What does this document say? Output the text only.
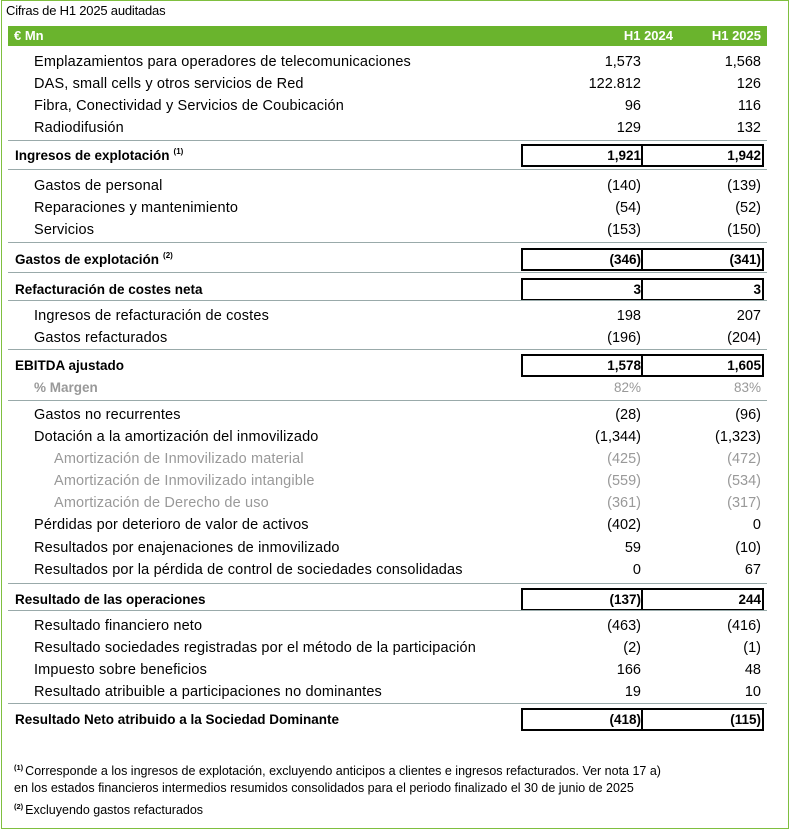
Cifras de H1 2025 auditadas
€ Mn	H1 2024	H1 2025
Emplazamientos para operadores de telecomunicaciones	1,573	1,568
DAS, small cells y otros servicios de Red	122.812	126
Fibra, Conectividad y Servicios de Coubicación	96	116
Radiodifusión	129	132
Ingresos de explotación $^{(1)}$	1,921	1,942
Gastos de personal	(140)	(139)
Reparaciones y mantenimiento	(54)	(52)
Servicios	(153)	(150)
Gastos de explotación $^{(2)}$	(346)	(341)
Refacturación de costes neta	3	3
Ingresos de refacturación de costes	198	207
Gastos refacturados	(196)	(204)
EBITDA ajustado	1,578	1,605
% Margen	82%	83%
Gastos no recurrentes	(28)	(96)
Dotación a la amortización del inmovilizado	(1,344)	(1,323)
Amortización de Inmovilizado material	(425)	(472)
Amortización de Inmovilizado intangible	(559)	(534)
Amortización de Derecho de uso	(361)	(317)
Pérdidas por deterioro de valor de activos	(402)	0
Resultados por enajenaciones de inmovilizado	59	(10)
Resultados por la pérdida de control de sociedades consolidadas	0	67
Resultado de las operaciones	(137)	244
Resultado financiero neto	(463)	(416)
Resultado sociedades registradas por el método de la participación	(2)	(1)
Impuesto sobre beneficios	166	48
Resultado atribuible a participaciones no dominantes	19	10
Resultado Neto atribuido a la Sociedad Dominante	(418)	(115)
$^{(1)}$ Corresponde a los ingresos de explotación, excluyendo anticipos a clientes e ingresos refacturados. Ver nota 17 a)
en los estados financieros intermedios resumidos consolidados para el periodo finalizado el 30 de junio de 2025
$^{(2)}$ Excluyendo gastos refacturados
